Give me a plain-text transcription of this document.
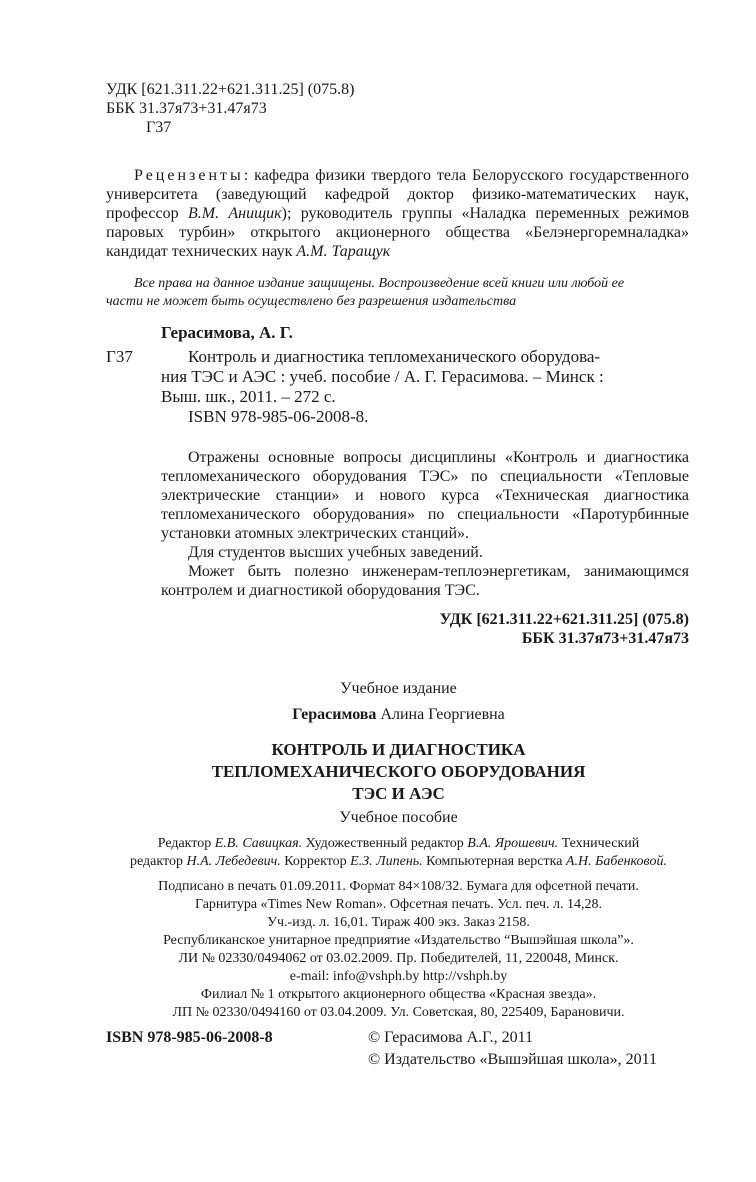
УДК [621.311.22+621.311.25] (075.8)
ББК 31.37я73+31.47я73
Г37
Рецензенты: кафедра физики твердого тела Белорусского государственного университета (заведующий кафедрой доктор физико-математических наук, профессор В.М. Анищик); руководитель группы «Наладка переменных режимов паровых турбин» открытого акционерного общества «Белэнергоремналадка» кандидат технических наук А.М. Таращук
Все права на данное издание защищены. Воспроизведение всей книги или любой ее
части не может быть осуществлено без разрешения издательства
Герасимова, А. Г.
Г37	Контроль и диагностика тепломеханического оборудова-
ния ТЭС и АЭС : учеб. пособие / А. Г. Герасимова. – Минск :
Выш. шк., 2011. – 272 с.
ISBN 978-985-06-2008-8.
Отражены основные вопросы дисциплины «Контроль и диагностика тепломеханического оборудования ТЭС» по специальности «Тепловые электрические станции» и нового курса «Техническая диагностика тепломеханического оборудования» по специальности «Паротурбинные установки атомных электрических станций».
Для студентов высших учебных заведений.
Может быть полезно инженерам-теплоэнергетикам, занимающимся контролем и диагностикой оборудования ТЭС.
УДК [621.311.22+621.311.25] (075.8)
ББК 31.37я73+31.47я73
Учебное издание
Герасимова Алина Георгиевна
КОНТРОЛЬ И ДИАГНОСТИКА
ТЕПЛОМЕХАНИЧЕСКОГО ОБОРУДОВАНИЯ
ТЭС И АЭС
Учебное пособие
Редактор Е.В. Савицкая. Художественный редактор В.А. Ярошевич. Технический
редактор Н.А. Лебедевич. Корректор Е.З. Липень. Компьютерная верстка А.Н. Бабенковой.
Подписано в печать 01.09.2011. Формат 84×108/32. Бумага для офсетной печати.
Гарнитура «Times New Roman». Офсетная печать. Усл. печ. л. 14,28.
Уч.-изд. л. 16,01. Тираж 400 экз. Заказ 2158.
Республиканское унитарное предприятие «Издательство “Вышэйшая школа”».
ЛИ № 02330/0494062 от 03.02.2009. Пр. Победителей, 11, 220048, Минск.
e-mail: info@vshph.by http://vshph.by
Филиал № 1 открытого акционерного общества «Красная звезда».
ЛП № 02330/0494160 от 03.04.2009. Ул. Советская, 80, 225409, Барановичи.
ISBN 978-985-06-2008-8	© Герасимова А.Г., 2011
© Издательство «Вышэйшая школа», 2011
